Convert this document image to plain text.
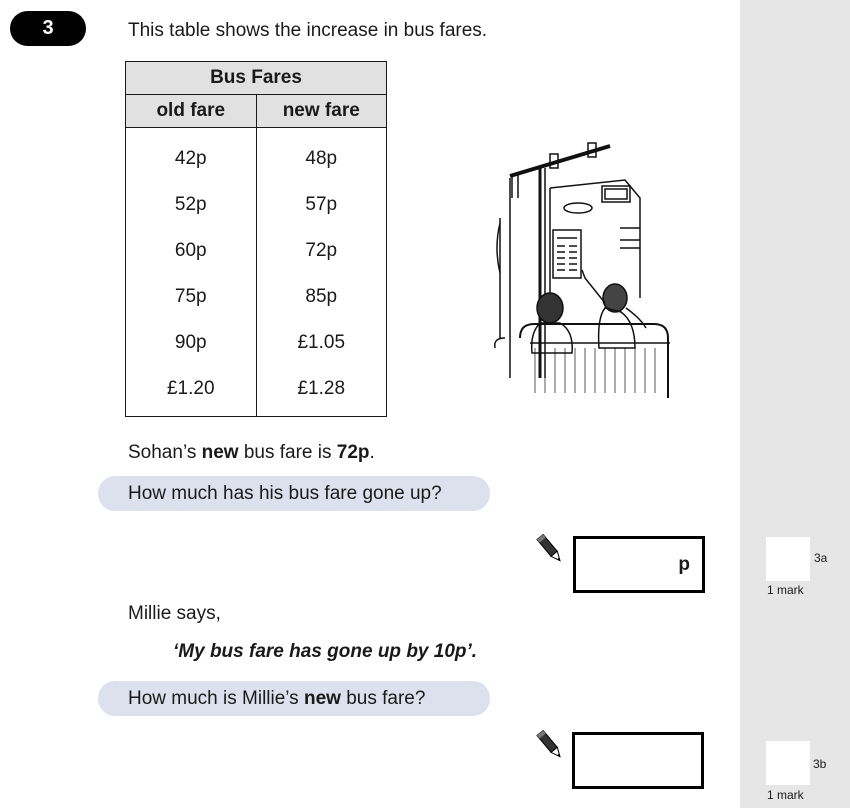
3	This table shows the increase in bus fares.
Bus Fares	
old fare	new fare
42p	48p
52p	57p
60p	72p
75p	85p
90p	£1.05
£1.20	£1.28
Sohan’s new bus fare is 72p.
How much has his bus fare gone up?
p	3a
1 mark
Millie says,
‘My bus fare has gone up by 10p’.
How much is Millie’s new bus fare?
3b
1 mark
